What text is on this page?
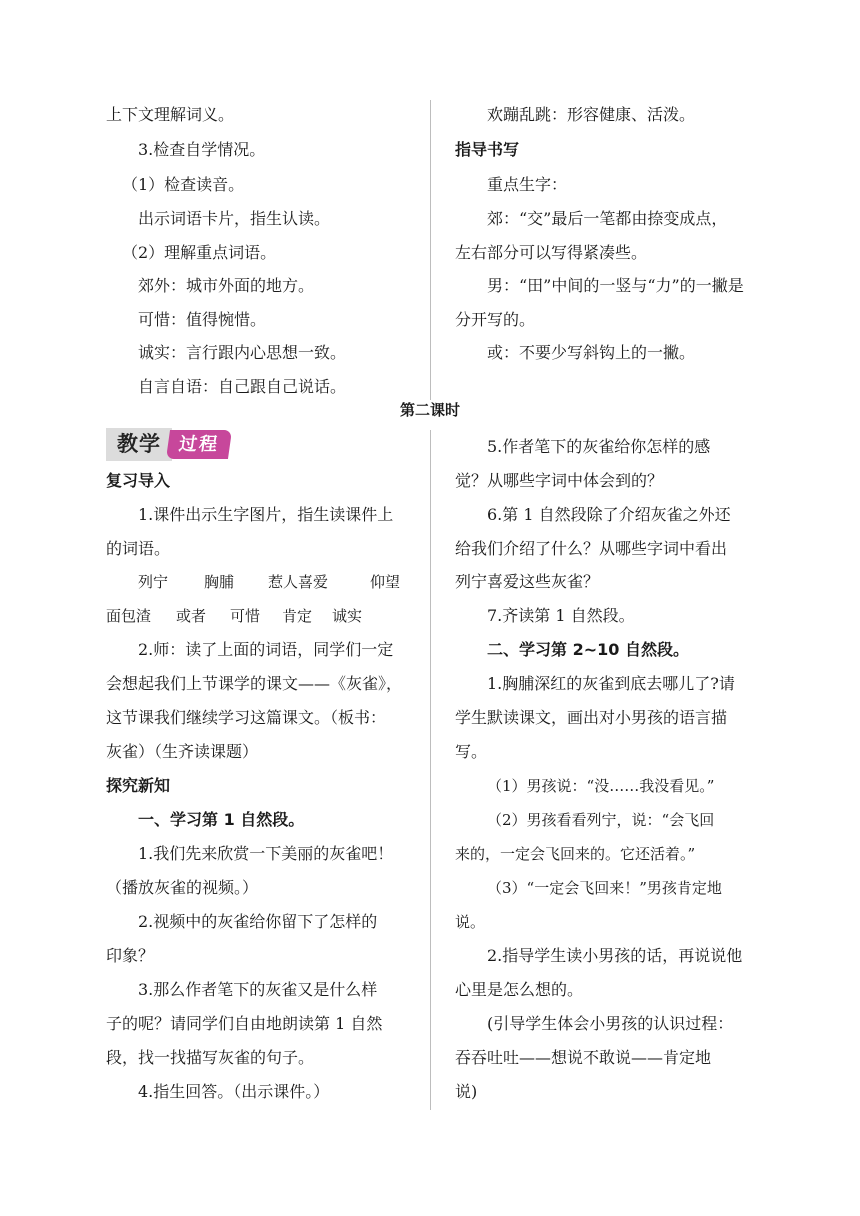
上下文理解词义。
3.检查自学情况。
（1）检查读音。
出示词语卡片，指生认读。
（2）理解重点词语。
郊外：城市外面的地方。
可惜：值得惋惜。
诚实：言行跟内心思想一致。
自言自语：自己跟自己说话。
欢蹦乱跳：形容健康、活泼。
指导书写
重点生字：
郊：“交”最后一笔都由捺变成点，
左右部分可以写得紧凑些。
男：“田”中间的一竖与“力”的一撇是
分开写的。
或：不要少写斜钩上的一撇。
第二课时
教学 过程
复习导入
1.课件出示生字图片，指生读课件上
的词语。
列宁 胸脯 惹人喜爱	仰望
面包渣 或者 可惜 肯定 诚实
2.师：读了上面的词语，同学们一定
会想起我们上节课学的课文——《灰雀》，
这节课我们继续学习这篇课文。（板书：
灰雀）（生齐读课题）
探究新知
一、学习第 1 自然段。
1.我们先来欣赏一下美丽的灰雀吧！
（播放灰雀的视频。）
2.视频中的灰雀给你留下了怎样的
印象？
3.那么作者笔下的灰雀又是什么样
子的呢？请同学们自由地朗读第 1 自然
段，找一找描写灰雀的句子。
4.指生回答。（出示课件。）
5.作者笔下的灰雀给你怎样的感
觉？从哪些字词中体会到的？
6.第 1 自然段除了介绍灰雀之外还
给我们介绍了什么？从哪些字词中看出
列宁喜爱这些灰雀？
7.齐读第 1 自然段。
二、学习第 2~10 自然段。
1.胸脯深红的灰雀到底去哪儿了?请
学生默读课文，画出对小男孩的语言描
写。
（1）男孩说：“没……我没看见。”
（2）男孩看看列宁，说：“会飞回
来的，一定会飞回来的。它还活着。”
（3）“一定会飞回来！”男孩肯定地
说。
2.指导学生读小男孩的话，再说说他
心里是怎么想的。
(引导学生体会小男孩的认识过程：
吞吞吐吐——想说不敢说——肯定地
说)
